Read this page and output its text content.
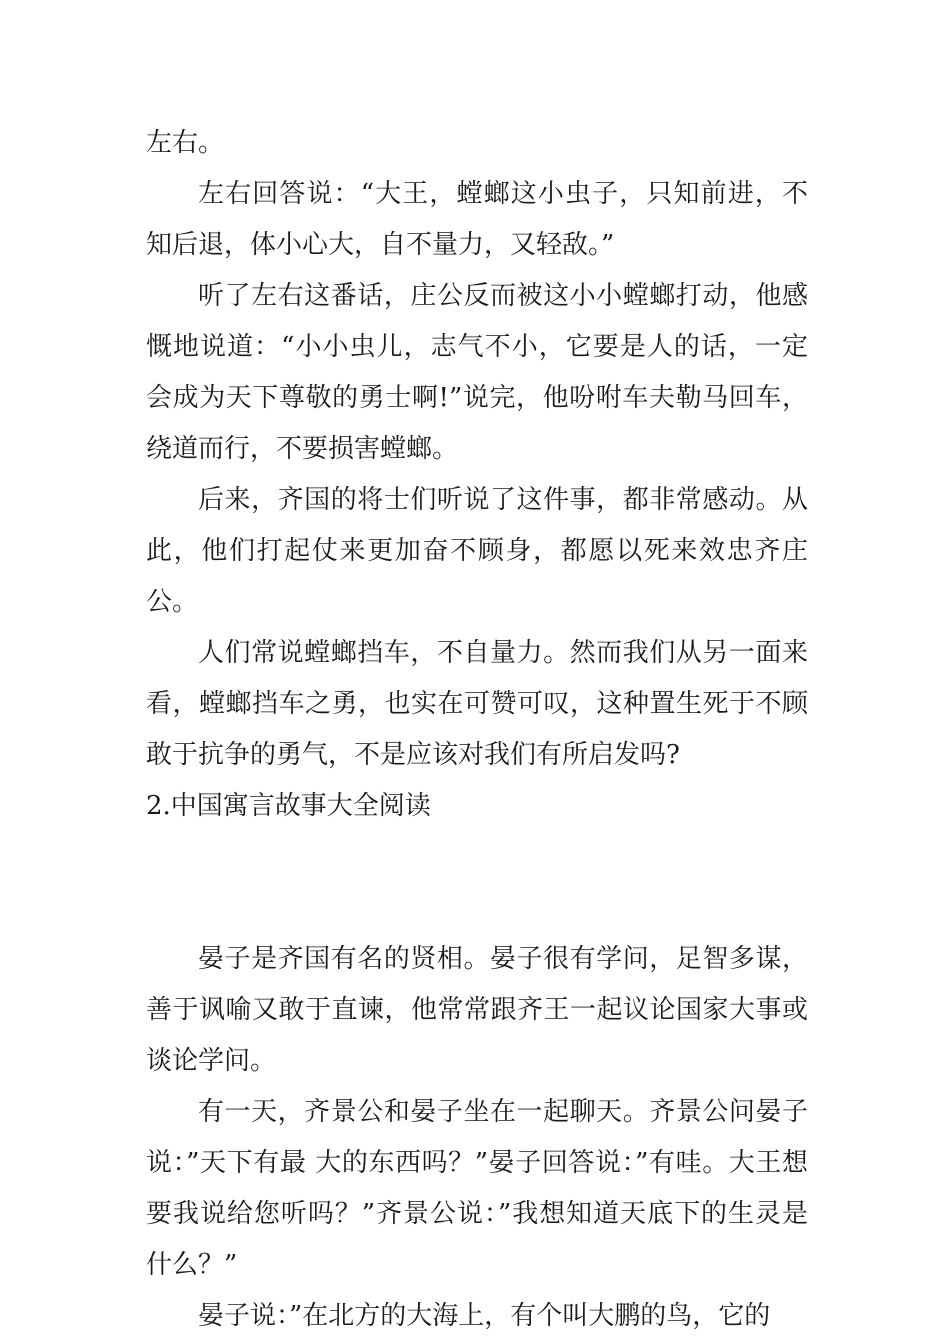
左右。

左右回答说：“大王，螳螂这小虫子，只知前进，不知后退，体小心大，自不量力，又轻敌。”

听了左右这番话，庄公反而被这小小螳螂打动，他感慨地说道：“小小虫儿，志气不小，它要是人的话，一定会成为天下尊敬的勇士啊!”说完，他吩咐车夫勒马回车，绕道而行，不要损害螳螂。

后来，齐国的将士们听说了这件事，都非常感动。从此，他们打起仗来更加奋不顾身，都愿以死来效忠齐庄公。

人们常说螳螂挡车，不自量力。然而我们从另一面来看，螳螂挡车之勇，也实在可赞可叹，这种置生死于不顾敢于抗争的勇气，不是应该对我们有所启发吗?

2.中国寓言故事大全阅读

晏子是齐国有名的贤相。晏子很有学问，足智多谋，善于讽喻又敢于直谏，他常常跟齐王一起议论国家大事或谈论学问。

有一天，齐景公和晏子坐在一起聊天。齐景公问晏子说：”天下有最 大的东西吗？”晏子回答说：”有哇。大王想要我说给您听吗？”齐景公说：”我想知道天底下的生灵是什么？”

晏子说：”在北方的大海上，有个叫大鹏的鸟，它的
